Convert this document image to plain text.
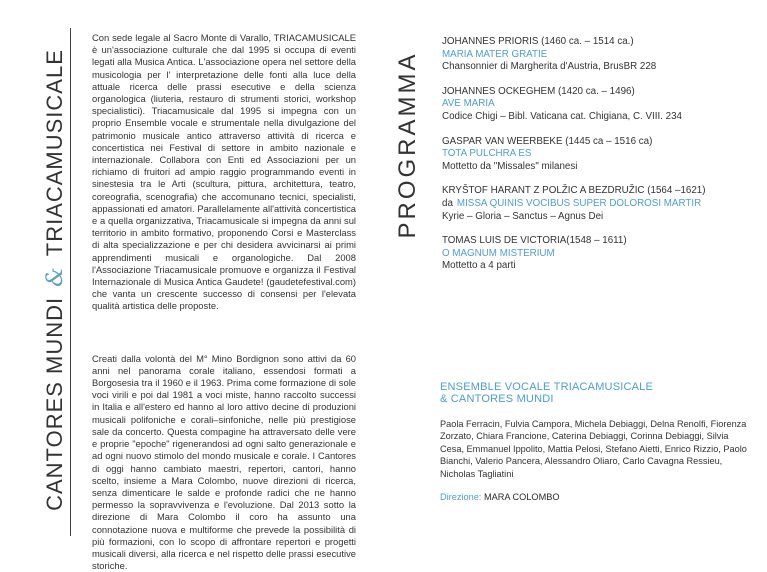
CANTORES MUNDI&TRIACAMUSICALE

Con sede legale al Sacro Monte di Varallo, TRIACAMUSICALE è un'associazione culturale che dal 1995 si occupa di eventi legati alla Musica Antica. L'associazione opera nel settore della musicologia per l' interpretazione delle fonti alla luce della attuale ricerca delle prassi esecutive e della scienza organologica (liuteria, restauro di strumenti storici, workshop specialistici). Triacamusicale dal 1995 si impegna con un proprio Ensemble vocale e strumentale nella divulgazione del patrimonio musicale antico attraverso attività di ricerca e concertistica nei Festival di settore in ambito nazionale e internazionale. Collabora con Enti ed Associazioni per un richiamo di fruitori ad ampio raggio programmando eventi in sinestesia tra le Arti (scultura, pittura, architettura, teatro, coreografia, scenografia) che accomunano tecnici, specialisti, appassionati ed amatori. Parallelamente all'attività concertistica e a quella organizzativa, Triacamusicale si impegna da anni sul territorio in ambito formativo, proponendo Corsi e Masterclass di alta specializzazione e per chi desidera avvicinarsi ai primi apprendimenti musicali e organologiche. Dal 2008 l'Associazione Triacamusicale promuove e organizza il Festival Internazionale di Musica Antica Gaudete! (gaudetefestival.com) che vanta un crescente successo di consensi per l'elevata qualità artistica delle proposte.

Creati dalla volontà del M° Mino Bordignon sono attivi da 60 anni nel panorama corale italiano, essendosi formati a Borgosesia tra il 1960 e il 1963. Prima come formazione di sole voci virili e poi dal 1981 a voci miste, hanno raccolto successi in Italia e all'estero ed hanno al loro attivo decine di produzioni musicali polifoniche e corali–sinfoniche, nelle più prestigiose sale da concerto. Questa compagine ha attraversato delle vere e proprie "epoche" rigenerandosi ad ogni salto generazionale e ad ogni nuovo stimolo del mondo musicale e corale. I Cantores di oggi hanno cambiato maestri, repertori, cantori, hanno scelto, insieme a Mara Colombo, nuove direzioni di ricerca, senza dimenticare le salde e profonde radici che ne hanno permesso la sopravvivenza e l'evoluzione. Dal 2013 sotto la direzione di Mara Colombo il coro ha assunto una connotazione nuova e multiforme che prevede la possibilità di più formazioni, con lo scopo di affrontare repertori e progetti musicali diversi, alla ricerca e nel rispetto delle prassi esecutive storiche.

PROGRAMMA
JOHANNES PRIORIS (1460 ca. – 1514 ca.)
MARIA MATER GRATIE
Chansonnier di Margherita d'Austria, BrusBR 228
JOHANNES OCKEGHEM (1420 ca. – 1496)
AVE MARIA
Codice Chigi – Bibl. Vaticana cat. Chigiana, C. VIII. 234
GASPAR VAN WEERBEKE (1445 ca – 1516 ca)
TOTA PULCHRA ES
Mottetto da "Missales" milanesi
KRYŠTOF HARANT Z POLŽIC A BEZDRUŽIC (1564 –1621)
da MISSA QUINIS VOCIBUS SUPER DOLOROSI MARTIR
Kyrie – Gloria – Sanctus – Agnus Dei
TOMAS LUIS DE VICTORIA(1548 – 1611)
O MAGNUM MISTERIUM
Mottetto a 4 parti
ENSEMBLE VOCALE TRIACAMUSICALE
& CANTORES MUNDI
Paola Ferracin, Fulvia Campora, Michela Debiaggi, Delna Renolfi, Fiorenza Zorzato, Chiara Francione, Caterina Debiaggi, Corinna Debiaggi, Silvia Cesa, Emmanuel Ippolito, Mattia Pelosi, Stefano Aietti, Enrico Rizzio, Paolo Bianchi, Valerio Pancera, Alessandro Oliaro, Carlo Cavagna Ressieu, Nicholas Tagliatini
Direzione: MARA COLOMBO
